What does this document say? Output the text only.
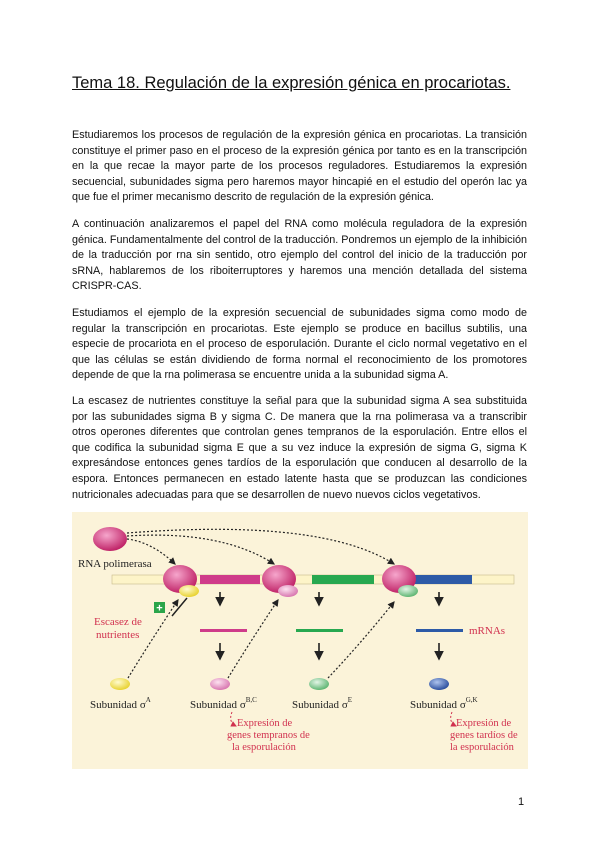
Tema 18. Regulación de la expresión génica en procariotas.

Estudiaremos los procesos de regulación de la expresión génica en procariotas. La transición constituye el primer paso en el proceso de la expresión génica por tanto es en la transcripción en la que recae la mayor parte de los procesos reguladores. Estudiaremos la expresión secuencial, subunidades sigma pero haremos mayor hincapié en el estudio del operón lac ya que fue el primer mecanismo descrito de regulación de la expresión génica.

A continuación analizaremos el papel del RNA como molécula reguladora de la expresión génica. Fundamentalmente del control de la traducción. Pondremos un ejemplo de la inhibición de la traducción por rna sin sentido, otro ejemplo del control del inicio de la traducción por sRNA, hablaremos de los riboiterruptores y haremos una mención detallada del sistema CRISPR-CAS.

Estudiamos el ejemplo de la expresión secuencial de subunidades sigma como modo de regular la transcripción en procariotas. Este ejemplo se produce en bacillus subtilis, una especie de procariota en el proceso de esporulación. Durante el ciclo normal vegetativo en el que las células se están dividiendo de forma normal el reconocimiento de los promotores depende de que la rna polimerasa se encuentre unida a la subunidad sigma A.

La escasez de nutrientes constituye la señal para que la subunidad sigma A sea substituida por las subunidades sigma B y sigma C. De manera que la rna polimerasa va a transcribir otros operones diferentes que controlan genes tempranos de la esporulación. Entre ellos el que codifica la subunidad sigma E que a su vez induce la expresión de sigma G, sigma K expresándose entonces genes tardíos de la esporulación que conducen al desarrollo de la espora. Entonces permanecen en estado latente hasta que se produzcan las condiciones nutricionales adecuadas para que se desarrollen de nuevo nuevos ciclos vegetativos.

RNA polimerasa
+
Escasez de
nutrientes	mRNAs
Subunidad $\sigma^A$	Subunidad $\sigma^{B,C}$	Subunidad $\sigma^E$	Subunidad $\sigma^{G,K}$
Expresión de
genes tempranos de
la esporulación
Expresión de
genes tardíos de
la esporulación
1
